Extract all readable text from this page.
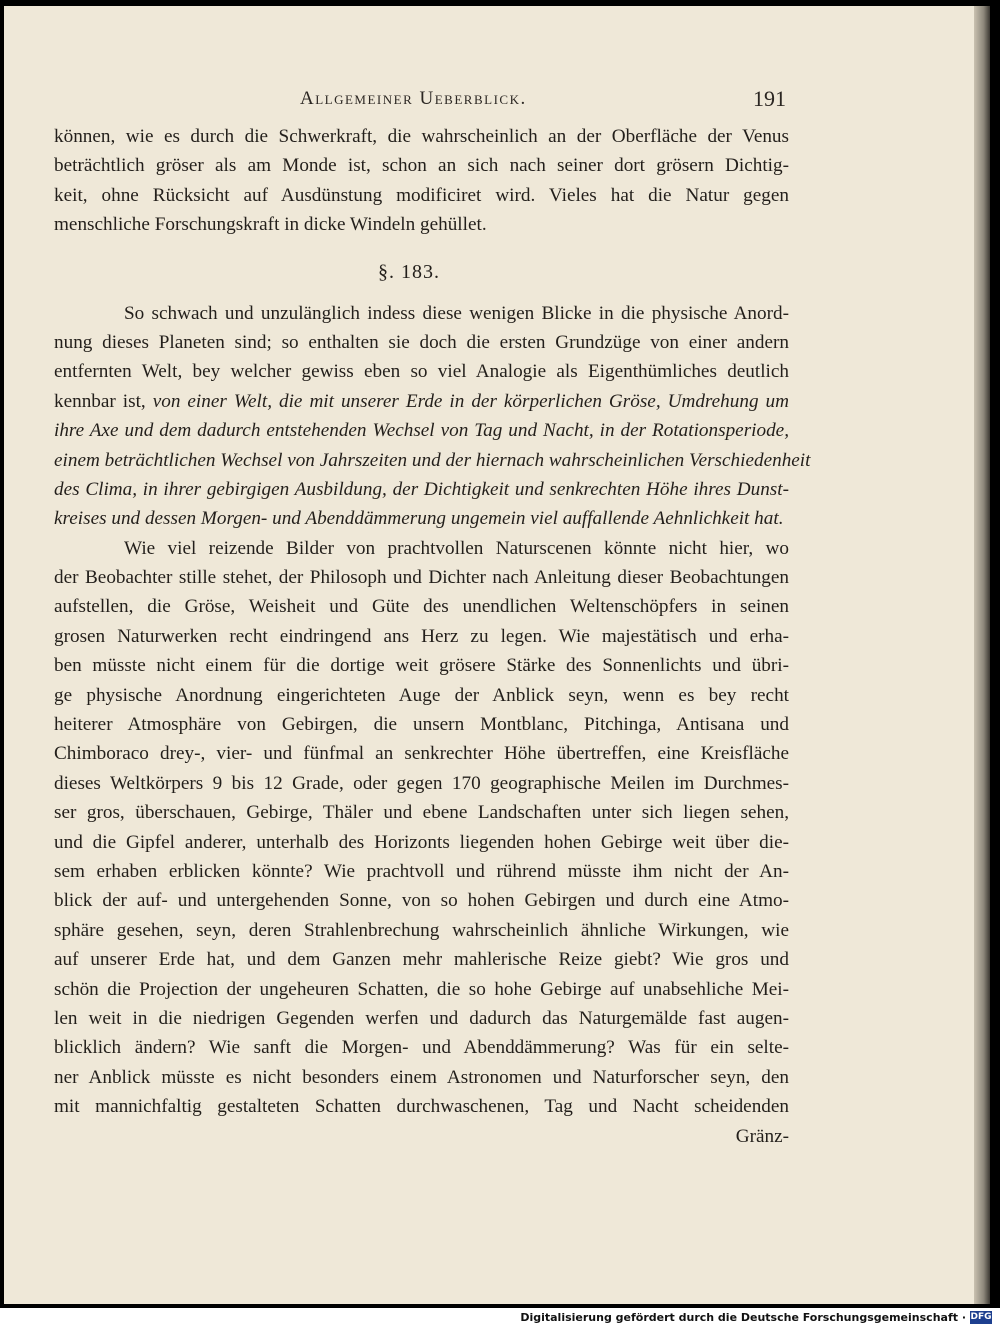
Allgemeiner Ueberblick.	191
können, wie es durch die Schwerkraft, die wahrscheinlich an der Oberfläche der Venus
beträchtlich gröser als am Monde ist, schon an sich nach seiner dort grösern Dichtig-
keit, ohne Rücksicht auf Ausdünstung modificiret wird. Vieles hat die Natur gegen
menschliche Forschungskraft in dicke Windeln gehüllet.
§. 183.
So schwach und unzulänglich indess diese wenigen Blicke in die physische Anord-
nung dieses Planeten sind; so enthalten sie doch die ersten Grundzüge von einer andern
entfernten Welt, bey welcher gewiss eben so viel Analogie als Eigenthümliches deutlich
kennbar ist, von einer Welt, die mit unserer Erde in der körperlichen Gröse, Umdrehung um
ihre Axe und dem dadurch entstehenden Wechsel von Tag und Nacht, in der Rotationsperiode,
einem beträchtlichen Wechsel von Jahrszeiten und der hiernach wahrscheinlichen Verschiedenheit
des Clima, in ihrer gebirgigen Ausbildung, der Dichtigkeit und senkrechten Höhe ihres Dunst-
kreises und dessen Morgen- und Abenddämmerung ungemein viel auffallende Aehnlichkeit hat.
Wie viel reizende Bilder von prachtvollen Naturscenen könnte nicht hier, wo
der Beobachter stille stehet, der Philosoph und Dichter nach Anleitung dieser Beobachtungen
aufstellen, die Gröse, Weisheit und Güte des unendlichen Weltenschöpfers in seinen
grosen Naturwerken recht eindringend ans Herz zu legen. Wie majestätisch und erha-
ben müsste nicht einem für die dortige weit grösere Stärke des Sonnenlichts und übri-
ge physische Anordnung eingerichteten Auge der Anblick seyn, wenn es bey recht
heiterer Atmosphäre von Gebirgen, die unsern Montblanc, Pitchinga, Antisana und
Chimboraco drey-, vier- und fünfmal an senkrechter Höhe übertreffen, eine Kreisfläche
dieses Weltkörpers 9 bis 12 Grade, oder gegen 170 geographische Meilen im Durchmes-
ser gros, überschauen, Gebirge, Thäler und ebene Landschaften unter sich liegen sehen,
und die Gipfel anderer, unterhalb des Horizonts liegenden hohen Gebirge weit über die-
sem erhaben erblicken könnte? Wie prachtvoll und rührend müsste ihm nicht der An-
blick der auf- und untergehenden Sonne, von so hohen Gebirgen und durch eine Atmo-
sphäre gesehen, seyn, deren Strahlenbrechung wahrscheinlich ähnliche Wirkungen, wie
auf unserer Erde hat, und dem Ganzen mehr mahlerische Reize giebt? Wie gros und
schön die Projection der ungeheuren Schatten, die so hohe Gebirge auf unabsehliche Mei-
len weit in die niedrigen Gegenden werfen und dadurch das Naturgemälde fast augen-
blicklich ändern? Wie sanft die Morgen- und Abenddämmerung? Was für ein selte-
ner Anblick müsste es nicht besonders einem Astronomen und Naturforscher seyn, den
mit mannichfaltig gestalteten Schatten durchwaschenen, Tag und Nacht scheidenden
Gränz-
Digitalisierung gefördert durch die Deutsche Forschungsgemeinschaft · DFG
